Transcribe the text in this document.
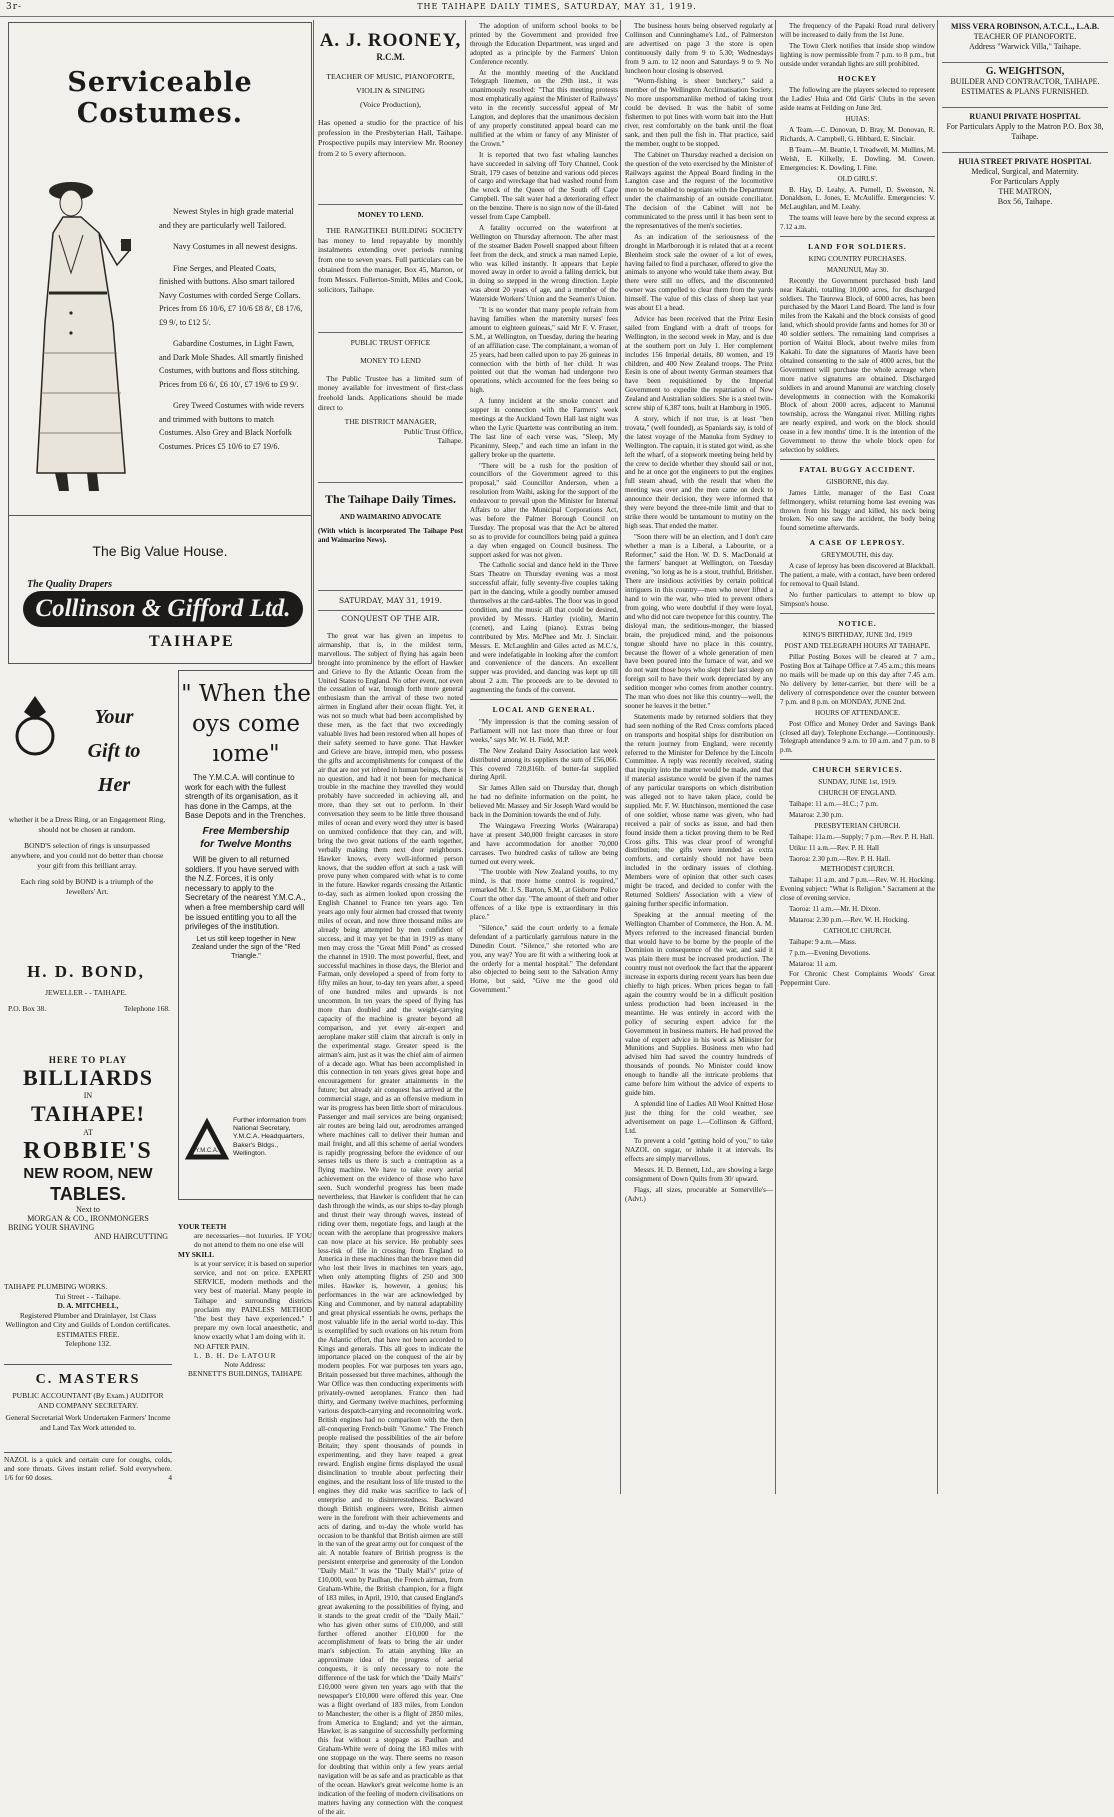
3r-	THE TAIHAPE DAILY TIMES, SATURDAY, MAY 31, 1919.
Serviceable Costumes.

Newest Styles in high grade material and they are particularly well Tailored.

Navy Costumes in all newest designs.

Fine Serges, and Pleated Coats, finished with buttons. Also smart tailored Navy Costumes with corded Serge Collars. Prices from £6 10/6, £7 10/6 £8 8/, £8 17/6, £9 9/, to £12 5/.

Gabardine Costumes, in Light Fawn, and Dark Mole Shades. All smartly finished Costumes, with buttons and floss stitching. Prices from £6 6/, £6 10/, £7 19/6 to £9 9/.

Grey Tweed Costumes with wide revers and trimmed with buttons to match Costumes. Also Grey and Black Norfolk Costumes. Prices £5 10/6 to £7 19/6.

The Big Value House.
The Quality Drapers
Collinson & Gifford Ltd.
TAIHAPE
Your
Gift to
Her

whether it be a Dress Ring, or an Engagement Ring, should not be chosen at random.

BOND'S selection of rings is unsurpassed anywhere, and you could not do better than choose your gift from this brilliant array.

Each ring sold by BOND is a triumph of the Jewellers' Art.

H. D. BOND,
JEWELLER - - TAIHAPE.
P.O. Box 38.	Telephone 168.
HERE TO PLAY
BILLIARDS
IN
TAIHAPE!
AT
ROBBIE'S
NEW ROOM, NEW
TABLES.
Next to
MORGAN & CO., IRONMONGERS
BRING YOUR SHAVING
AND HAIRCUTTING
TAIHAPE PLUMBING WORKS.
Tui Street - - Taihape.
D. A. MITCHELL,
Registered Plumber and Drainlayer, 1st Class Wellington and City and Guilds of London certificates.
ESTIMATES FREE.
Telephone 132.
C. MASTERS
PUBLIC ACCOUNTANT (By Exam.) AUDITOR AND COMPANY SECRETARY.
General Secretarial Work Undertaken Farmers' Income and Land Tax Work attended to.
NAZOL is a quick and certain cure for coughs, colds, and sore throats. Gives instant relief. Sold everywhere. 1/6 for 60 doses.	4
" When the
oys come
ıome"

The Y.M.C.A. will continue to work for each with the fullest strength of its organisation, as it has done in the Camps, at the Base Depots and in the Trenches.

Free Membership
for Twelve Months

Will be given to all returned soldiers. If you have served with the N.Z. Forces, it is only necessary to apply to the Secretary of the nearest Y.M.C.A., when a free membership card will be issued entitling you to all the privileges of the institution.

Let us still keep together in New Zealand under the sign of the "Red Triangle."

Y.M.C.A.
Further information from National Secretary, Y.M.C.A. Headquarters, Baker's Bldgs., Wellington.
YOUR TEETH
are necessaries—not luxuries. IF YOU do not attend to them no one else will
MY SKILL
is at your service; it is based on superior service, and not on price. EXPERT SERVICE, modern methods and the very best of material. Many people in Taihape and surrounding districts proclaim my PAINLESS METHOD "the best they have experienced." I prepare my own local anaesthetic, and know exactly what I am doing with it.
NO AFTER PAIN.
L. B. H. De LATOUR
Note Address:
BENNETT'S BUILDINGS, TAIHAPE
A. J. ROONEY,
R.C.M.
TEACHER OF MUSIC, PIANOFORTE, VIOLIN & SINGING
(Voice Production),
Has opened a studio for the practice of his profession in the Presbyterian Hall, Taihape. Prospective pupils may interview Mr. Rooney from 2 to 5 every afternoon.
MONEY TO LEND.
THE RANGITIKEI BUILDING SOCIETY has money to lend repayable by monthly instalments extending over periods running from one to seven years. Full particulars can be obtained from the manager, Box 45, Marton, or from Messrs. Fullerton-Smith, Miles and Cook, solicitors, Taihape.
PUBLIC TRUST OFFICE
MONEY TO LEND
The Public Trustee has a limited sum of money available for investment of first-class freehold lands. Applications should be made direct to
THE DISTRICT MANAGER,
Public Trust Office,
Taihape.
The Taihape Daily Times.
AND WAIMARINO ADVOCATE
(With which is incorporated The Taihape Post and Waimarino News).
SATURDAY, MAY 31, 1919.
CONQUEST OF THE AIR.

The great war has given an impetus to airmanship, that is, in the mildest term, marvellous. The subject of flying has again been brought into prominence by the effort of Hawker and Grieve to fly the Atlantic Ocean from the United States to England. No other event, not even the cessation of war, brough forth more general enthusiasm than the arrival of these two noted airmen in England after their ocean flight. Yet, it was not so much what had been accomplished by these men, as the fact that two exceedingly valuable lives had been restored when all hopes of their safety seemed to have gone. That Hawker and Grieve are brave, intrepid men, who possess the gifts and accomplishments for conquest of the air that are not yet inbred in human beings, there is no question, and had it not been for mechanical trouble in the machine they travelled they would probably have succeeded in achieving all, and more, than they set out to perform. In their conversation they seem to be little three thousand miles of ocean and every word they utter is based on unmixed confidence that they can, and will, bring the two great nations of the earth together, verbally making them next door neighbours. Hawker knows, every well-informed person knows, that the sudden effort at such a task will prove puny when compared with what is to come in the future. Hawker regards crossing the Atlantic to-day, such as airmen looked upon crossing the English Channel to France ten years ago. Ten years ago only four airmen had crossed that twenty miles of ocean, and now three thousand miles are already being attempted by men confident of success, and it may yet be that in 1919 as many men may cross the "Great Mill Pond" as crossed the channel in 1910. The most powerful, fleet, and successful machines in those days, the Bleriot and Farman, only developed a speed of from forty to fifty miles an hour, to-day ten years after, a speed of one hundred miles and upwards is not uncommon. In ten years the speed of flying has more than doubled and the weight-carrying capacity of the machine is greater beyond all comparison, and yet every air-expert and aeroplane maker still claim that aircraft is only in the experimental stage. Greater speed is the airman's aim, just as it was the chief aim of airmen of a decade ago. What has been accomplished in this connection in ten years gives great hope and encouragement for greater attainments in the future; but already air conquest has arrived at the commercial stage, and as an offensive medium in war its progress has been little short of miraculous. Passenger and mail services are being organised; air routes are being laid out, aerodromes arranged where machines call to deliver their human and mail freight, and all this scheme of aerial wonders is rapidly progressing before the evidence of our senses tells us there is such a contraption as a flying machine. We have to take every aerial achievement on the evidence of those who have seen. Such wonderful progress has been made nevertheless, that Hawker is confident that he can dash through the winds, as our ships to-day plough and thrust their way through waves, instead of riding over them, negotiate fogs, and laugh at the ocean with the aeroplane that progressive makers can now place at his service. He probably sees less-risk of life in crossing from England to America in these machines than the brave men did who lost their lives in machines ten years ago, when only attempting flights of 250 and 300 miles. Hawker is, however, a genius; his performances in the war are acknowledged by King and Commoner, and by natural adaptability and great physical essentials he owns, perhaps the most valuable life in the aerial world to-day. This is exemplified by such ovations on his return from the Atlantic effort, that have not been accorded to Kings and generals. This all goes to indicate the importance placed on the conquest of the air by modern peoples. For war purposes ten years ago, Britain possessed but three machines, although the War Office was then conducting experiments with privately-owned aeroplanes. France then had thirty, and Germany twelve machines, performing various despatch-carrying and reconnoitring work. British engines had no comparison with the then all-conquering French-built "Gnome." The French people realised the possibilities of the air before Britain; they spent thousands of pounds in experimenting, and they have reaped a great reward. English engine firms displayed the usual disinclination to trouble about perfecting their engines, and the resultant loss of life trusted to the engines they did make was sacrifice to lack of enterprise and to disinterestedness. Backward though British engineers were, British airmen were in the forefront with their achievements and acts of daring, and to-day the whole world has occasion to be thankful that British airmen are still in the van of the great army out for conquest of the air. A notable feature of British progress is the persistent enterprise and generosity of the London "Daily Mail." It was the "Daily Mail's" prize of £10,000, won by Paulhan, the French airman, from Graham-White, the British champion, for a flight of 183 miles, in April, 1910, that caused England's great awakening to the possibilities of flying, and it stands to the great credit of the "Daily Mail," who has given other sums of £10,000, and still further offered another £10,000 for the accomplishment of feats to bring the air under man's subjection. To attain anything like an approximate idea of the progress of aerial conquests, it is only necessary to note the difference of the task for which the "Daily Mail's" £10,000 were given ten years ago with that the newspaper's £10,000 were offered this year. One was a flight overland of 183 miles, from London to Manchester; the other is a flight of 2850 miles, from America to England; and yet the airman, Hawker, is as sanguine of successfully performing this feat without a stoppage as Paulhan and Graham-White were of doing the 183 miles with one stoppage on the way. There seems no reason for doubting that within only a few years aerial navigation will be as safe and as practicable as that of the ocean. Hawker's great welcome home is an indication of the feeling of modern civilisations on matters having any connection with the conquest of the air.

The adoption of uniform school books to be printed by the Government and provided free through the Education Department, was urged and adopted as a principle by the Farmers' Union Conference recently.

At the monthly meeting of the Auckland Telegraph linemen, on the 29th inst., it was unanimously resolved: "That this meeting protests most emphatically against the Minister of Railways' veto in the recently successful appeal of Mr Langton, and deplores that the unanimous decision of any properly constituted appeal board can me nullified at the whim or fancy of any Minister of the Crown."

It is reported that two fast whaling launches have succeeded in salving off Tory Channel, Cook Strait, 179 cases of benzine and various odd pieces of cargo and wreckage that had washed round from the wreck of the Queen of the South off Cape Campbell. The salt water had a deteriorating effect on the benzine. There is no sign now of the ill-fated vessel from Cape Campbell.

A fatality occurred on the waterfront at Wellington on Thursday afternoon. The after mast of the steamer Baden Powell snapped about fifteen feet from the deck, and struck a man named Lepie, who was killed instantly. It appears that Lepie moved away in order to avoid a falling derrick, but in doing so stepped in the wrong direction. Lepie was about 20 years of age, and a member of the Waterside Workers' Union and the Seamen's Union.

"It is no wonder that many people refrain from having families when the maternity nurses' fees amount to eighteen guineas," said Mr F. V. Fraser, S.M., at Wellington, on Tuesday, during the hearing of an affiliation case. The complainant, a woman of 25 years, had been called upon to pay 26 guineas in connection with the birth of her child. It was pointed out that the woman had undergone two operations, which accounted for the fees being so high.

A funny incident at the smoke concert and supper in connection with the Farmers' week meetings at the Auckland Town Hall last night was when the Lyric Quartette was contributing an item. The last line of each verse was, "Sleep, My Picaninny, Sleep," and each time an infant in the gallery broke up the quartette.

"There will be a rush for the position of councillors of the Government agreed to this proposal," said Councillor Anderson, when a resolution from Waihi, asking for the support of the endeavour to prevail upon the Minister for Internal Affairs to alter the Municipal Corporations Act, was before the Palmer Borough Council on Tuesday. The proposal was that the Act be altered so as to provide for councillors being paid a guinea a day when engaged on Council business. The support asked for was not given.

The Catholic social and dance held in the Three Stars Theatre on Thursday evening was a most successful affair, fully seventy-five couples taking part in the dancing, while a goodly number amused themselves at the card-tables. The floor was in good condition, and the music all that could be desired, provided by Messrs. Hartley (violin), Martin (cornet), and Laing (piano). Extras being contributed by Mrs. McPhee and Mr. J. Sinclair. Messrs. E. McLaughlin and Giles acted as M.C.'s, and were indefatigable in looking after the comfort and convenience of the dancers. An excellent supper was provided, and dancing was kept up till about 2 a.m. The proceeds are to be devoted to augmenting the funds of the convent.

LOCAL AND GENERAL.

"My impression is that the coming session of Parliament will not last more than three or four weeks," says Mr. W. H. Field, M.P.

The New Zealand Dairy Association last week distributed among its suppliers the sum of £56,066. This covered 720,816lb. of butter-fat supplied during April.

Sir James Allen said on Thursday that, though he had no definite information on the point, he believed Mr. Massey and Sir Joseph Ward would be back in the Dominion towards the end of July.

The Waingawa Freezing Works (Wairarapa) have at present 340,000 freight carcases in store and have accommodation for another 70,000 carcases. Two hundred casks of tallow are being turned out every week.

"The trouble with New Zealand youths, to my mind, is that more home control is required," remarked Mr. J. S. Barton, S.M., at Gisborne Police Court the other day. "The amount of theft and other offences of a like type is extraordinary in this place."

"Silence," said the court orderly to a female defendant of a particularly garrulous nature in the Dunedin Court. "Silence," she retorted who are you, any way? You are fit with a withering look at the orderly for a mental hospital." The defendant also objected to being sent to the Salvation Army Home, but said, "Give me the good old Government."

The business hours being observed regularly at Collinson and Cunninghame's Ltd., of Palmerston are advertised on page 3 the store is open continuously daily from 9 to 5.30; Wednesdays from 9 a.m. to 12 noon and Saturdays 9 to 9. No luncheon hour closing is observed.

"Worm-fishing is sheer butchery," said a member of the Wellington Acclimatisation Society. No more unsportsmanlike method of taking trout could be devised. It was the habit of some fishermen to put lines with worm bait into the Hutt river, rest comfortably on the bank until the float sank, and then pull the fish in. That practice, said the member, ought to be stopped.

The Cabinet on Thursday reached a decision on the question of the veto exercised by the Minister of Railways against the Appeal Board finding in the Langton case and the request of the locomotive men to be enabled to negotiate with the Department under the chairmanship of an outside conciliator. The decision of the Cabinet will not be communicated to the press until it has been sent to the representatives of the men's societies.

As an indication of the seriousness of the drought in Marlborough it is related that at a recent Blenheim stock sale the owner of a lot of ewes, having failed to find a purchaser, offered to give the animals to anyone who would take them away. But there were still no offers, and the discontented owner was compelled to clear them from the yards himself. The value of this class of sheep last year was about £1 a head.

Advice has been received that the Prinz Eesin sailed from England with a draft of troops for Wellington, in the second week in May, and is due at the southern port on July 1. Her complement includes 156 Imperial details, 80 women, and 19 children, and 400 New Zealand troops. The Prinz Eesin is one of about twenty German steamers that have been requisitioned by the Imperial Government to expedite the repatriation of New Zealand and Australian soldiers. She is a steel twin-screw ship of 6,387 tons, built at Hamburg in 1905.

A story, which if not true, is at least "ben trovata," (well founded), as Spaniards say, is told of the latest voyage of the Manuka from Sydney to Wellington. The captain, it is stated got wind, as she left the wharf, of a stopwork meeting being held by the crew to decide whether they should sail or not, and he at once got the engineers to put the engines full steam ahead, with the result that when the meeting was over and the men came on deck to announce their decision, they were informed that they were beyond the three-mile limit and that to strike there would be tantamount to mutiny on the high seas. That ended the matter.

"Soon there will be an election, and I don't care whether a man is a Liberal, a Labourite, or a Reformer," said the Hon. W. D. S. MacDonald at the farmers' banquet at Wellington, on Tuesday evening, "so long as he is a stout, truthful, Britisher. There are insidious activities by certain political intriguers in this country—men who never lifted a hand to win the war, who tried to prevent others from going, who were doubtful if they were loyal, and who did not care twopence for this country. The disloyal man, the seditious-monger, the biassed brain, the prejudiced mind, and the poisonous tongue should have no place in this country, because the flower of a whole generation of men have been poured into the furnace of war, and we do not want those boys who slept their last sleep on foreign soil to have their work depreciated by any sedition monger who comes from another country. The man who does not like this country—well, the sooner he leaves it the better."

Statements made by returned soldiers that they had seen nothing of the Red Cross comforts placed on transports and hospital ships for distribution on the return journey from England, were recently referred to the Minister for Defence by the Lincoln Committee. A reply was recently received, stating that inquiry into the matter would be made, and that if material assistance would be given if the names of any particular transports on which distribution was alleged not to have taken place, could be supplied. Mr. F. W. Hutchinson, mentioned the case of one soldier, whose name was given, who had received a pair of socks as issue, and had then found inside them a ticket proving them to be Red Cross gifts. This was clear proof of wrongful distribution; the gifts were intended as extra comforts, and certainly should not have been included in the ordinary issues of clothing. Members were of opinion that other such cases might be traced, and decided to confer with the Returned Soldiers' Association with a view of gaining further specific information.

Speaking at the annual meeting of the Wellington Chamber of Commerce, the Hon. A. M. Myers referred to the increased financial burden that would have to be borne by the people of the Dominion in consequence of the war, and said it was plain there must be increased production. The country must not overlook the fact that the apparent increase in exports during recent years has been due chiefly to high prices. When prices began to fall again the country would be in a difficult position unless production had been increased in the meantime. He was entirely in accord with the policy of securing expert advice for the Government in business matters. He had proved the value of expert advice in his work as Minister for Munitions and Supplies. Business men who had advised him had saved the country hundreds of thousands of pounds. No Minister could know enough to handle all the intricate problems that came before him without the advice of experts to guide him.

A splendid line of Ladies All Wool Knitted Hose just the thing for the cold weather, see advertisement on page 1.—Collinson & Gifford, Ltd.

To prevent a cold "getting hold of you," to take NAZOL on sugar, or inhale it at intervals. Its effects are simply marvellous.

Messrs. H. D. Bennett, Ltd., are showing a large consignment of Down Quilts from 30/ upward.

Flags, all sizes, procurable at Somerville's—(Advt.)

The frequency of the Papaki Road rural delivery will be increased to daily from the 1st June.

The Town Clerk notifies that inside shop window lighting is now permissible from 7 p.m. to 8 p.m., but outside under verandah lights are still prohibited.

HOCKEY

The following are the players selected to represent the Ladies' Huia and Old Girls' Clubs in the seven aside teams at Feilding on June 3rd.

HUIAS:

A Team.—C. Donovan, D. Bray, M. Donovan, R. Richards, A. Campbell, G. Hibbard, E. Sinclair.

B Team.—M. Beattie, I. Treadwell, M. Mullins, M. Welsh, E. Kilkelly, E. Dowling, M. Cowen. Emergencies: K. Dowling, I. Fine.

OLD GIRLS'.

B. Hay, D. Leahy, A. Purnell, D. Swenson, N. Donaldson, L. Jones, E. McAuliffe. Emergencies: V. McLaughlan, and M. Leahy.

The teams will leave here by the second express at 7.12 a.m.

LAND FOR SOLDIERS.

KING COUNTRY PURCHASES.

MANUNUI, May 30.

Recently the Government purchased bush land near Kakahi, totalling 10,000 acres, for discharged soldiers. The Taurewa Block, of 6000 acres, has been purchased by the Maori Land Board. The land is four miles from the Kakahi and the block consists of good land, which should provide farms and homes for 30 or 40 soldier settlers. The remaining land comprises a portion of Waitui Block, about twelve miles from Kakahi. To date the signatures of Maoris have been obtained consenting to the sale of 4000 acres, but the Government will purchase the whole acreage when more native signatures are obtained. Discharged soldiers in and around Manunui are watching closely developments in connection with the Komakoriki Block of about 2000 acres, adjacent to Manunui township, across the Wanganui river. Milling rights are nearly expired, and work on the block should cease in a few months' time. It is the intention of the Government to throw the whole block open for selection by soldiers.

FATAL BUGGY ACCIDENT.

GISBORNE, this day.

James Little, manager of the East Coast fellmongery, whilst returning home last evening was thrown from his buggy and killed, his neck being broken. No one saw the accident, the body being found sometime afterwards.

A CASE OF LEPROSY.

GREYMOUTH, this day.

A case of leprosy has been discovered at Blackball. The patient, a male, with a contact, have been ordered for removal to Quail Island.

No further particulars to attempt to blow up Simpson's house.

NOTICE.

KING'S BIRTHDAY, JUNE 3rd, 1919

POST AND TELEGRAPH HOURS AT TAIHAPE.

Pillar Posting Boxes will be cleared at 7 a.m., Posting Box at Taihape Office at 7.45 a.m.; this means no mails will be made up on this day after 7.45 a.m. No delivery by letter-carrier, but there will be a delivery of correspondence over the counter between 7 p.m. and 8 p.m. on MONDAY, JUNE 2nd.

HOURS OF ATTENDANCE.

Post Office and Money Order and Savings Bank (closed all day). Telephone Exchange.—Continuously. Telegraph attendance 9 a.m. to 10 a.m. and 7 p.m. to 8 p.m.

CHURCH SERVICES.

SUNDAY, JUNE 1st, 1919.

CHURCH OF ENGLAND.

Taihape: 11 a.m.—H.C.; 7 p.m.

Mataroa: 2.30 p.m.

PRESBYTERIAN CHURCH.

Taihape: 11a.m.—Supply; 7 p.m.—Rev. P. H. Hall.

Utiku: 11 a.m.—Rev. P. H. Hall

Taoroa: 2.30 p.m.—Rev. P. H. Hall.

METHODIST CHURCH.

Taihape: 11 a.m. and 7 p.m.—Rev. W. H. Hocking. Evening subject: "What is Religion." Sacrament at the close of evening service.

Taoroa: 11 a.m.—Mr. H. Dixon.

Mataroa: 2.30 p.m.—Rev. W. H. Hocking.

CATHOLIC CHURCH.

Taihape: 9 a.m.—Mass.

7 p.m.—Evening Devotions.

Mataroa: 11 a.m.

For Chronic Chest Complaints Woods' Great Peppermint Cure.

MISS VERA ROBINSON, A.T.C.L., L.A.B.
TEACHER OF PIANOFORTE.
Address "Warwick Villa," Taihape.
G. WEIGHTSON,
BUILDER AND CONTRACTOR, TAIHAPE.
ESTIMATES & PLANS FURNISHED.
RUANUI PRIVATE HOSPITAL
For Particulars Apply to the Matron P.O. Box 38, Taihape.
HUIA STREET PRIVATE HOSPITAL
Medical, Surgical, and Maternity.
For Particulars Apply
THE MATRON,
Box 56, Taihape.
